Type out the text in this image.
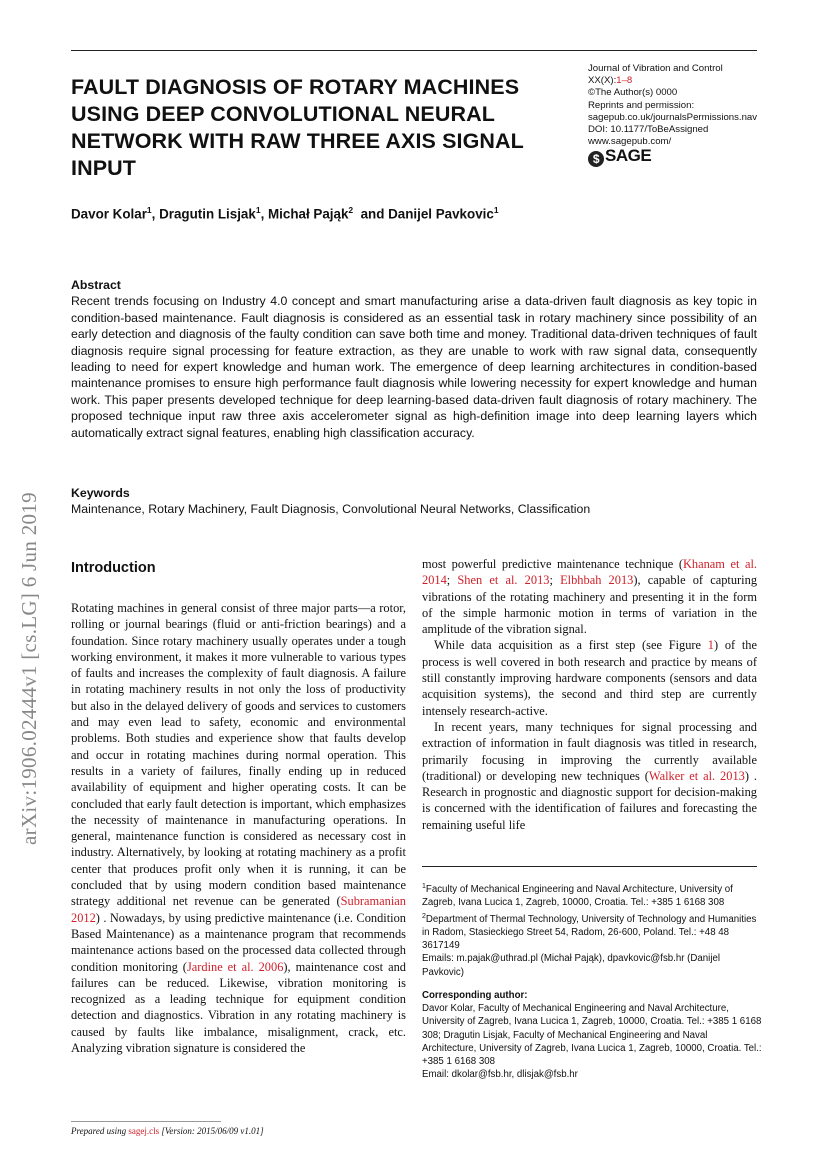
FAULT DIAGNOSIS OF ROTARY MACHINES USING DEEP CONVOLUTIONAL NEURAL NETWORK WITH RAW THREE AXIS SIGNAL INPUT
Journal of Vibration and Control
XX(X):1–8
©The Author(s) 0000
Reprints and permission:
sagepub.co.uk/journalsPermissions.nav
DOI: 10.1177/ToBeAssigned
www.sagepub.com/
$ SAGE
Davor Kolar$^1$, Dragutin Lisjak$^1$, Michał Pająk$^2$  and Danijel Pavkovic$^1$
Abstract
Recent trends focusing on Industry 4.0 concept and smart manufacturing arise a data-driven fault diagnosis as key topic in condition-based maintenance. Fault diagnosis is considered as an essential task in rotary machinery since possibility of an early detection and diagnosis of the faulty condition can save both time and money. Traditional data-driven techniques of fault diagnosis require signal processing for feature extraction, as they are unable to work with raw signal data, consequently leading to need for expert knowledge and human work. The emergence of deep learning architectures in condition-based maintenance promises to ensure high performance fault diagnosis while lowering necessity for expert knowledge and human work. This paper presents developed technique for deep learning-based data-driven fault diagnosis of rotary machinery. The proposed technique input raw three axis accelerometer signal as high-definition image into deep learning layers which automatically extract signal features, enabling high classification accuracy.
Keywords
Maintenance, Rotary Machinery, Fault Diagnosis, Convolutional Neural Networks, Classification
arXiv:1906.02444v1 [cs.LG] 6 Jun 2019 Introduction

Rotating machines in general consist of three major parts—a rotor, rolling or journal bearings (fluid or anti-friction bearings) and a foundation. Since rotary machinery usually operates under a tough working environment, it makes it more vulnerable to various types of faults and increases the complexity of fault diagnosis. A failure in rotating machinery results in not only the loss of productivity but also in the delayed delivery of goods and services to customers and may even lead to safety, economic and environmental problems. Both studies and experience show that faults develop and occur in rotating machines during normal operation. This results in a variety of failures, finally ending up in reduced availability of equipment and higher operating costs. It can be concluded that early fault detection is important, which emphasizes the necessity of maintenance in manufacturing operations. In general, maintenance function is considered as necessary cost in industry. Alternatively, by looking at rotating machinery as a profit center that produces profit only when it is running, it can be concluded that by using modern condition based maintenance strategy additional net revenue can be generated (Subramanian 2012) . Nowadays, by using predictive maintenance (i.e. Condition Based Maintenance) as a maintenance program that recommends maintenance actions based on the processed data collected through condition monitoring (Jardine et al. 2006), maintenance cost and failures can be reduced. Likewise, vibration monitoring is recognized as a leading technique for equipment condition detection and diagnostics. Vibration in any rotating machinery is caused by faults like imbalance, misalignment, crack, etc. Analyzing vibration signature is considered the

most powerful predictive maintenance technique (Khanam et al. 2014; Shen et al. 2013; Elbhbah 2013), capable of capturing vibrations of the rotating machinery and presenting it in the form of the simple harmonic motion in terms of variation in the amplitude of the vibration signal.

While data acquisition as a first step (see Figure 1) of the process is well covered in both research and practice by means of still constantly improving hardware components (sensors and data acquisition systems), the second and third step are currently intensely research-active.

In recent years, many techniques for signal processing and extraction of information in fault diagnosis was titled in research, primarily focusing in improving the currently available (traditional) or developing new techniques (Walker et al. 2013) . Research in prognostic and diagnostic support for decision-making is concerned with the identification of failures and forecasting the remaining useful life

$^1$Faculty of Mechanical Engineering and Naval Architecture, University of Zagreb, Ivana Lucica 1, Zagreb, 10000, Croatia. Tel.: +385 1 6168 308

$^2$Department of Thermal Technology, University of Technology and Humanities in Radom, Stasieckiego Street 54, Radom, 26-600, Poland. Tel.: +48 48 3617149

Emails: m.pajak@uthrad.pl (Michał Pająk), dpavkovic@fsb.hr (Danijel Pavkovic)

Corresponding author:

Davor Kolar, Faculty of Mechanical Engineering and Naval Architecture, University of Zagreb, Ivana Lucica 1, Zagreb, 10000, Croatia. Tel.: +385 1 6168 308; Dragutin Lisjak, Faculty of Mechanical Engineering and Naval Architecture, University of Zagreb, Ivana Lucica 1, Zagreb, 10000, Croatia. Tel.: +385 1 6168 308

Email: dkolar@fsb.hr, dlisjak@fsb.hr

Prepared using sagej.cls [Version: 2015/06/09 v1.01]
